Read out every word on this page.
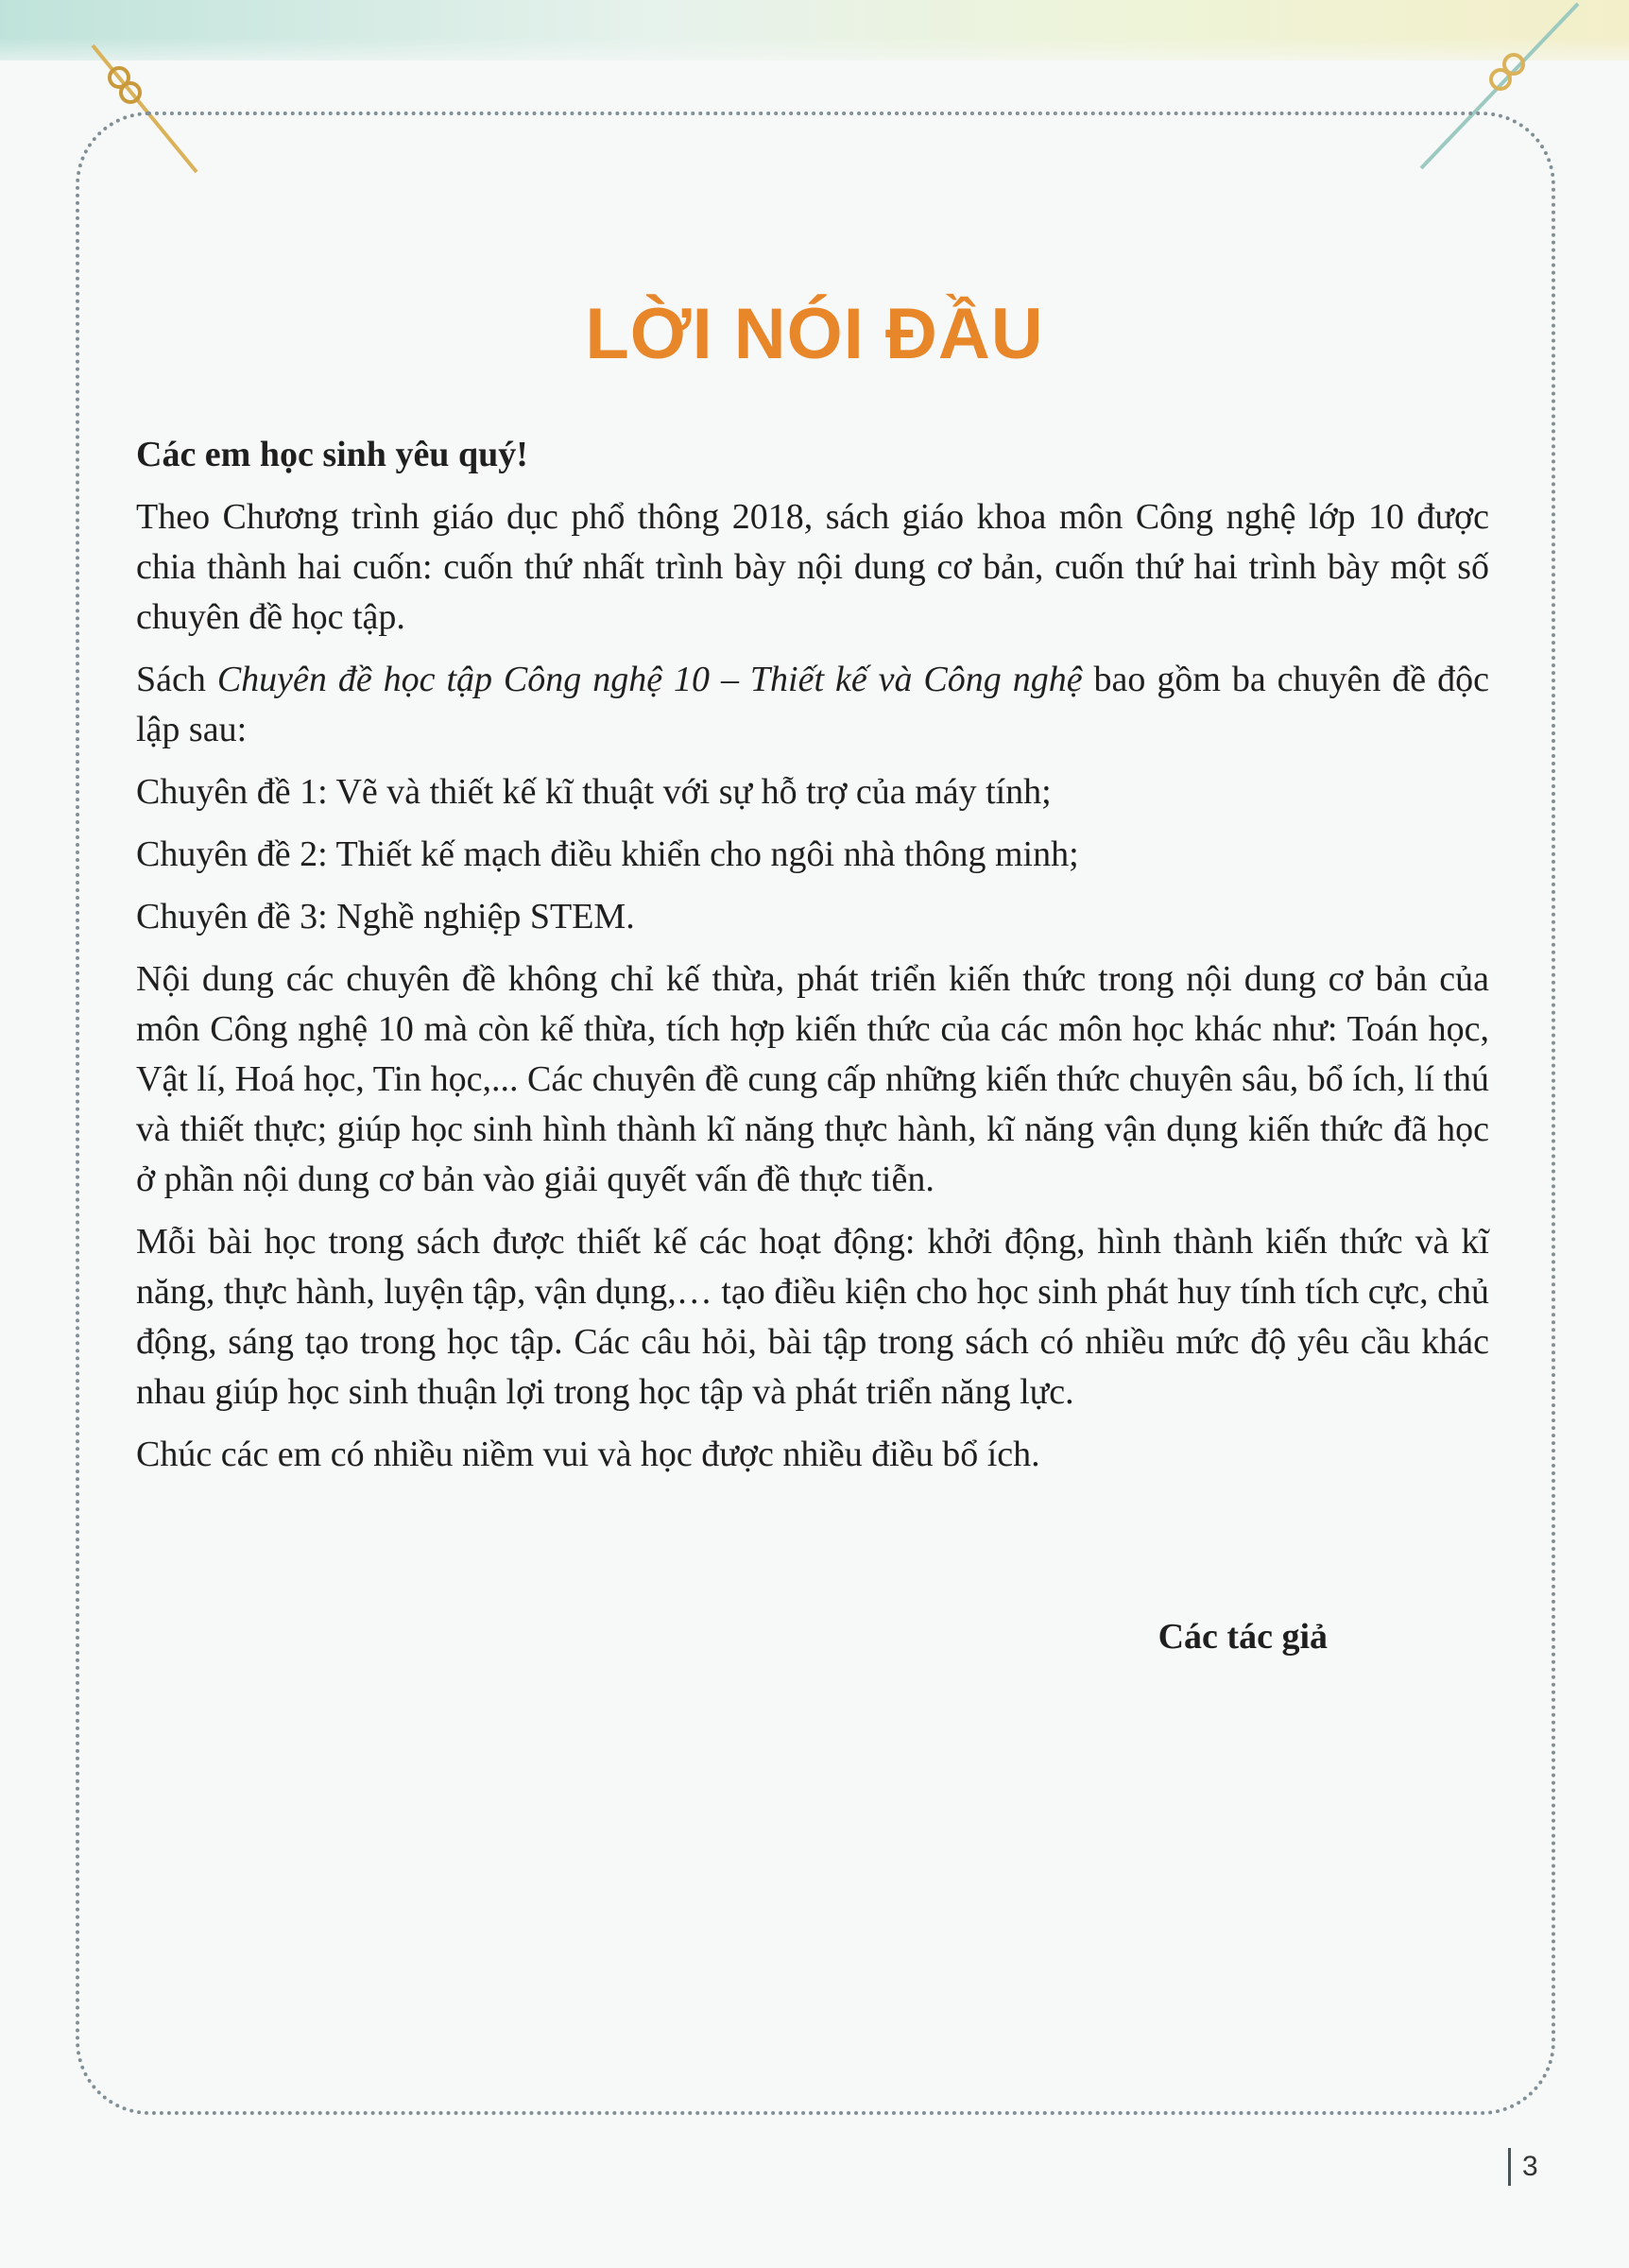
LỜI NÓI ĐẦU

Các em học sinh yêu quý!

Theo Chương trình giáo dục phổ thông 2018, sách giáo khoa môn Công nghệ lớp 10 được chia thành hai cuốn: cuốn thứ nhất trình bày nội dung cơ bản, cuốn thứ hai trình bày một số chuyên đề học tập.

Sách Chuyên đề học tập Công nghệ 10 – Thiết kế và Công nghệ bao gồm ba chuyên đề độc lập sau:

Chuyên đề 1: Vẽ và thiết kế kĩ thuật với sự hỗ trợ của máy tính;

Chuyên đề 2: Thiết kế mạch điều khiển cho ngôi nhà thông minh;

Chuyên đề 3: Nghề nghiệp STEM.

Nội dung các chuyên đề không chỉ kế thừa, phát triển kiến thức trong nội dung cơ bản của môn Công nghệ 10 mà còn kế thừa, tích hợp kiến thức của các môn học khác như: Toán học, Vật lí, Hoá học, Tin học,... Các chuyên đề cung cấp những kiến thức chuyên sâu, bổ ích, lí thú và thiết thực; giúp học sinh hình thành kĩ năng thực hành, kĩ năng vận dụng kiến thức đã học ở phần nội dung cơ bản vào giải quyết vấn đề thực tiễn.

Mỗi bài học trong sách được thiết kế các hoạt động: khởi động, hình thành kiến thức và kĩ năng, thực hành, luyện tập, vận dụng,… tạo điều kiện cho học sinh phát huy tính tích cực, chủ động, sáng tạo trong học tập. Các câu hỏi, bài tập trong sách có nhiều mức độ yêu cầu khác nhau giúp học sinh thuận lợi trong học tập và phát triển năng lực.

Chúc các em có nhiều niềm vui và học được nhiều điều bổ ích.

Các tác giả

3
